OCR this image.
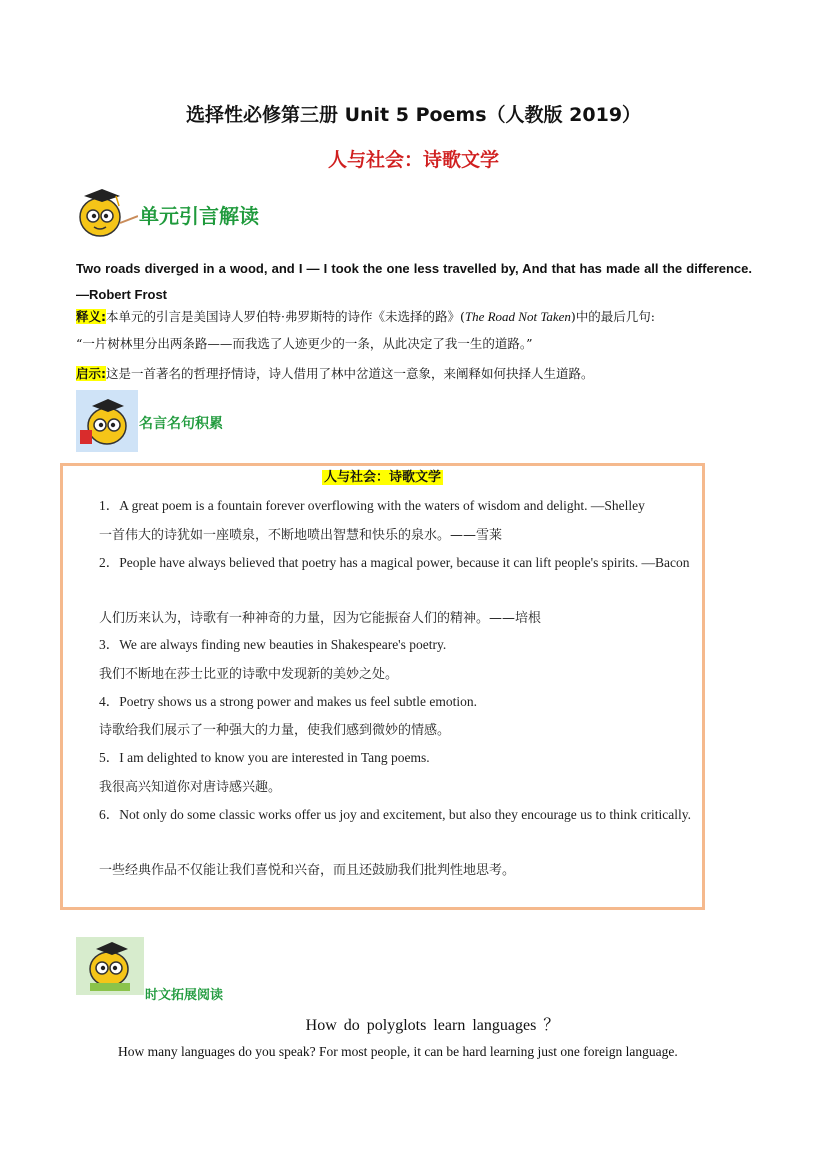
选择性必修第三册 Unit 5 Poems（人教版 2019）
人与社会：诗歌文学
单元引言解读
Two roads diverged in a wood, and I — I took the one less travelled by, And that has made all the difference.—Robert Frost
释义:本单元的引言是美国诗人罗伯特·弗罗斯特的诗作《未选择的路》(The Road Not Taken)中的最后几句:
“一片树林里分出两条路——而我选了人迹更少的一条，从此决定了我一生的道路。”
启示:这是一首著名的哲理抒情诗，诗人借用了林中岔道这一意象，来阐释如何抉择人生道路。
名言名句积累
人与社会：诗歌文学
1．A great poem is a fountain forever overflowing with the waters of wisdom and delight. —Shelley
一首伟大的诗犹如一座喷泉，不断地喷出智慧和快乐的泉水。——雪莱
2．People have always believed that poetry has a magical power, because it can lift people's spirits. —Bacon
人们历来认为，诗歌有一种神奇的力量，因为它能振奋人们的精神。——培根
3．We are always finding new beauties in Shakespeare's poetry.
我们不断地在莎士比亚的诗歌中发现新的美妙之处。
4．Poetry shows us a strong power and makes us feel subtle emotion.
诗歌给我们展示了一种强大的力量，使我们感到微妙的情感。
5．I am delighted to know you are interested in Tang poems.
我很高兴知道你对唐诗感兴趣。
6．Not only do some classic works offer us joy and excitement, but also they encourage us to think critically.
一些经典作品不仅能让我们喜悦和兴奋，而且还鼓励我们批判性地思考。
时文拓展阅读
How do polyglots learn languages ？
How many languages do you speak? For most people, it can be hard learning just one foreign language.
